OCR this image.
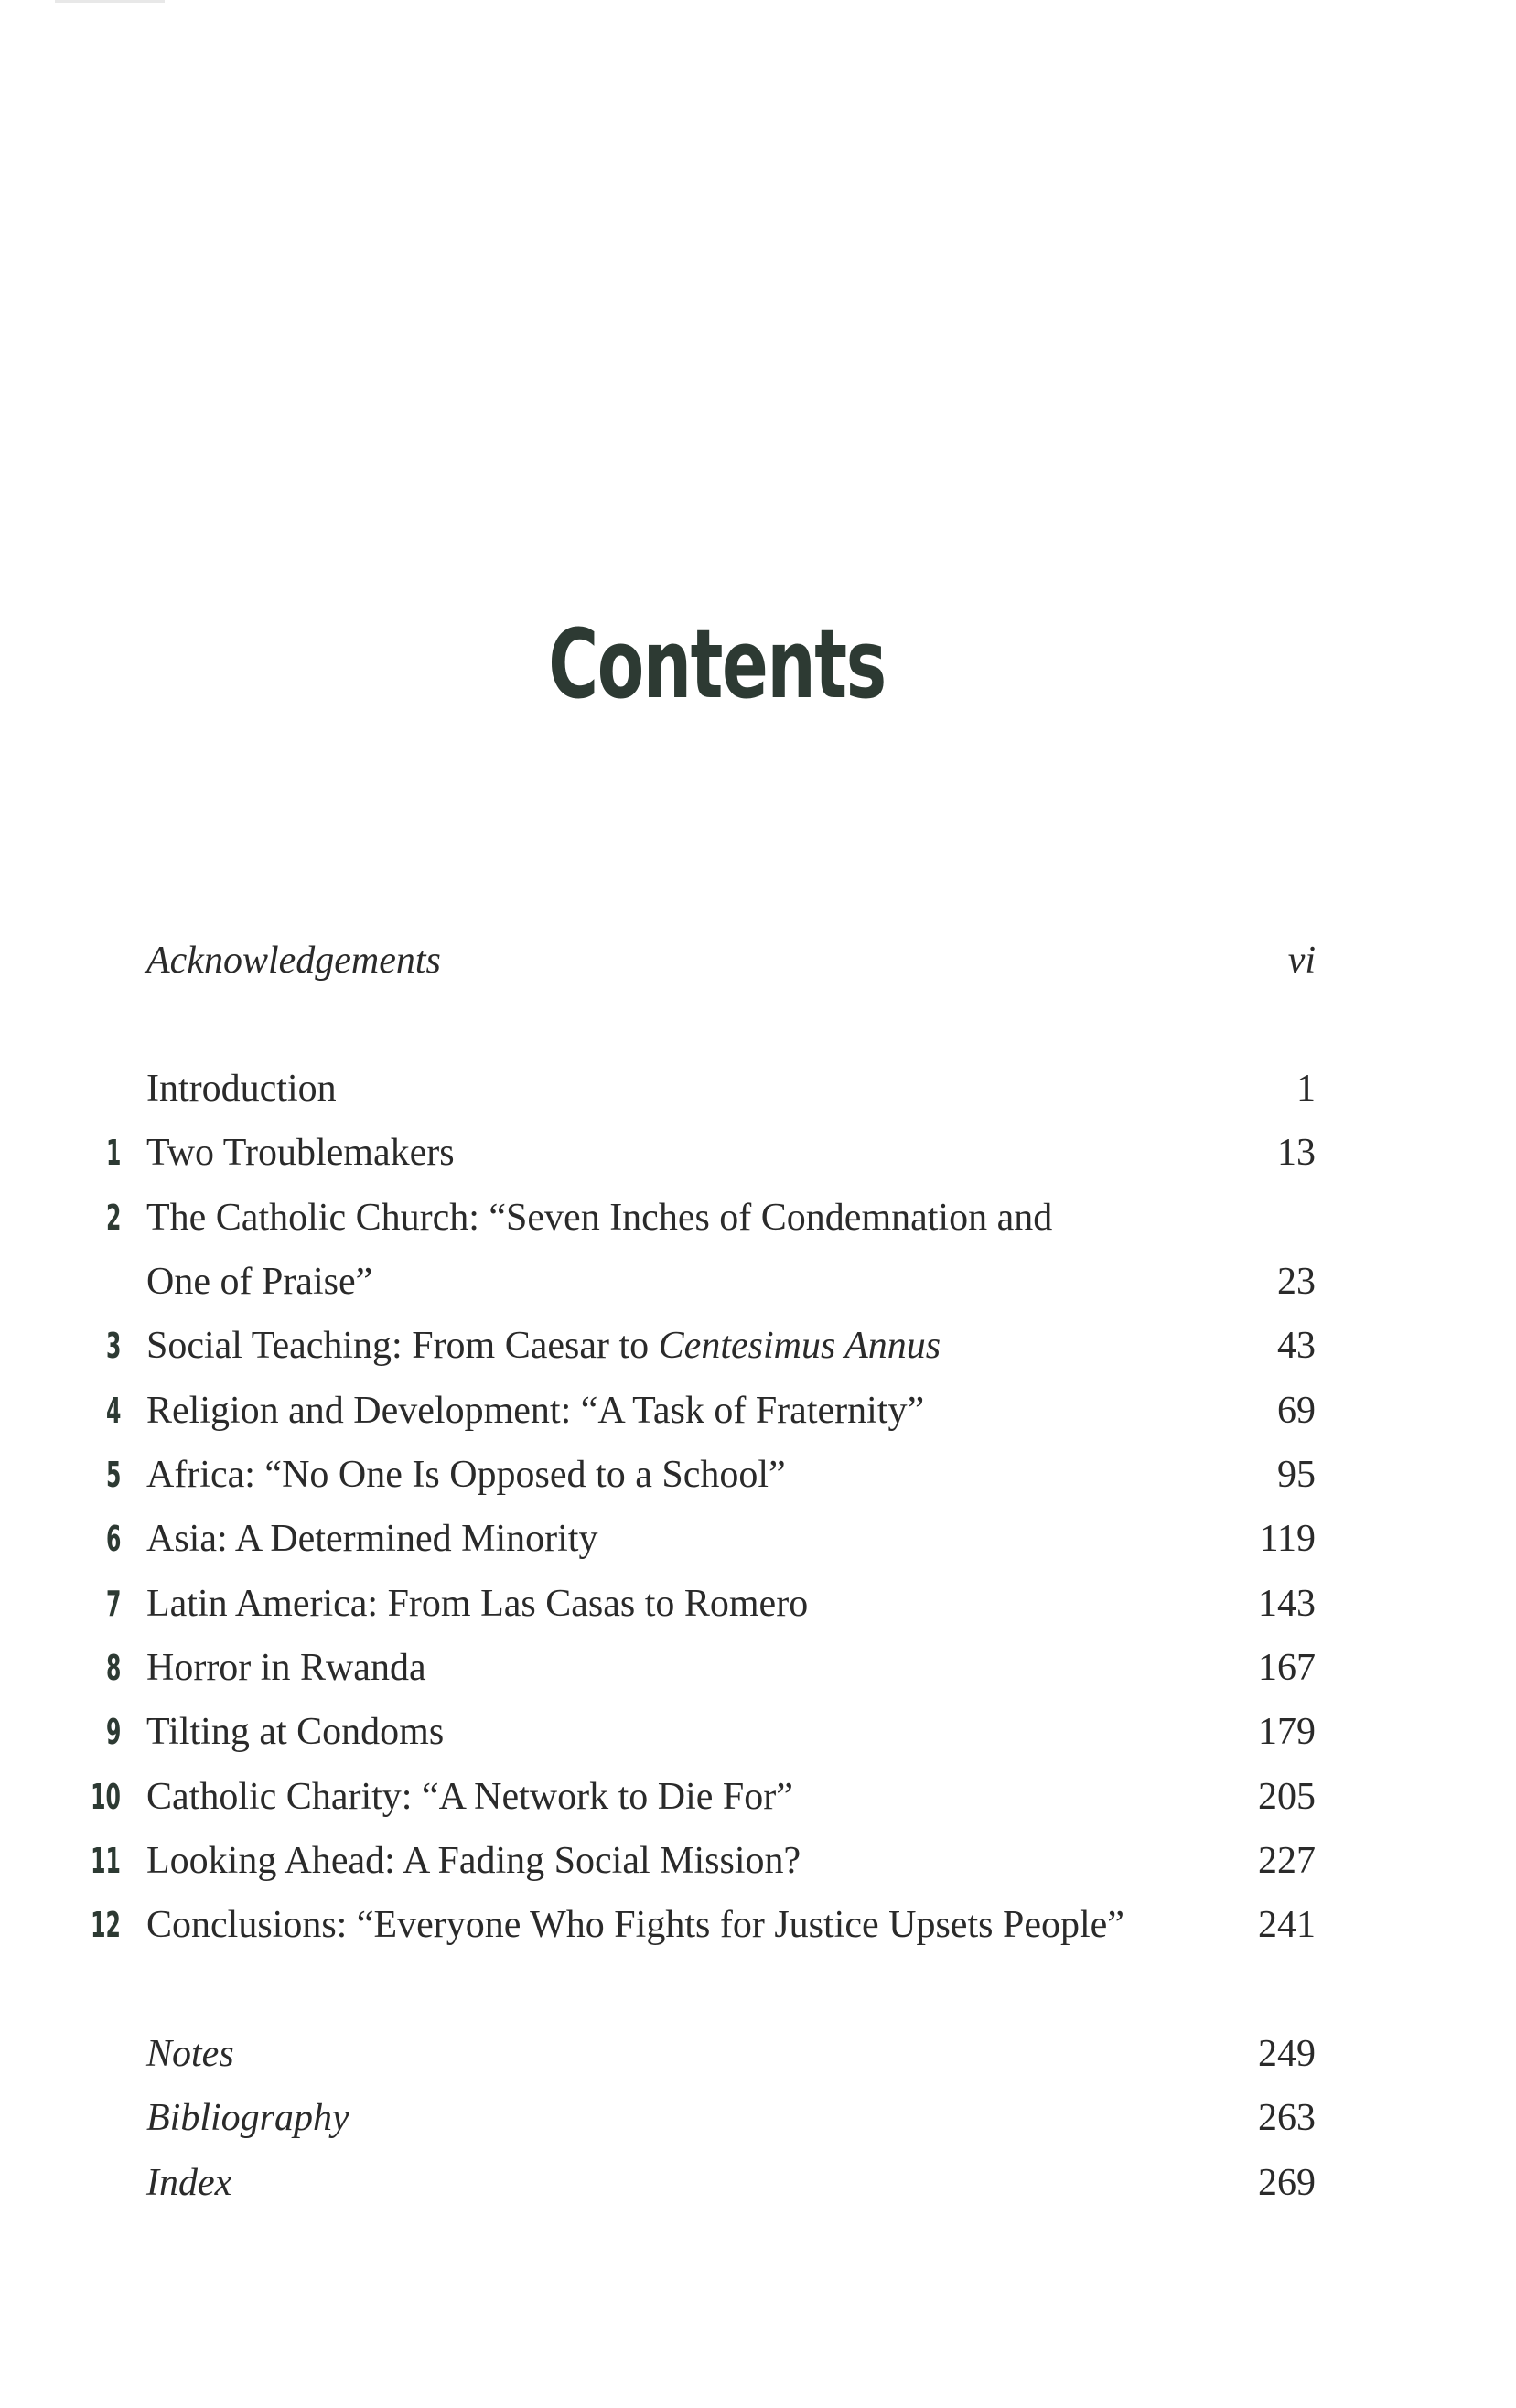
Contents
Acknowledgements	vi
Introduction	1
1 Two Troublemakers	13
2 The Catholic Church: “Seven Inches of Condemnation and
One of Praise”	23
3 Social Teaching: From Caesar to Centesimus Annus	43
4 Religion and Development: “A Task of Fraternity”	69
5 Africa: “No One Is Opposed to a School”	95
6 Asia: A Determined Minority	119
7 Latin America: From Las Casas to Romero	143
8 Horror in Rwanda	167
9 Tilting at Condoms	179
10 Catholic Charity: “A Network to Die For”	205
11 Looking Ahead: A Fading Social Mission?	227
12 Conclusions: “Everyone Who Fights for Justice Upsets People”	241
Notes	249
Bibliography	263
Index	269
